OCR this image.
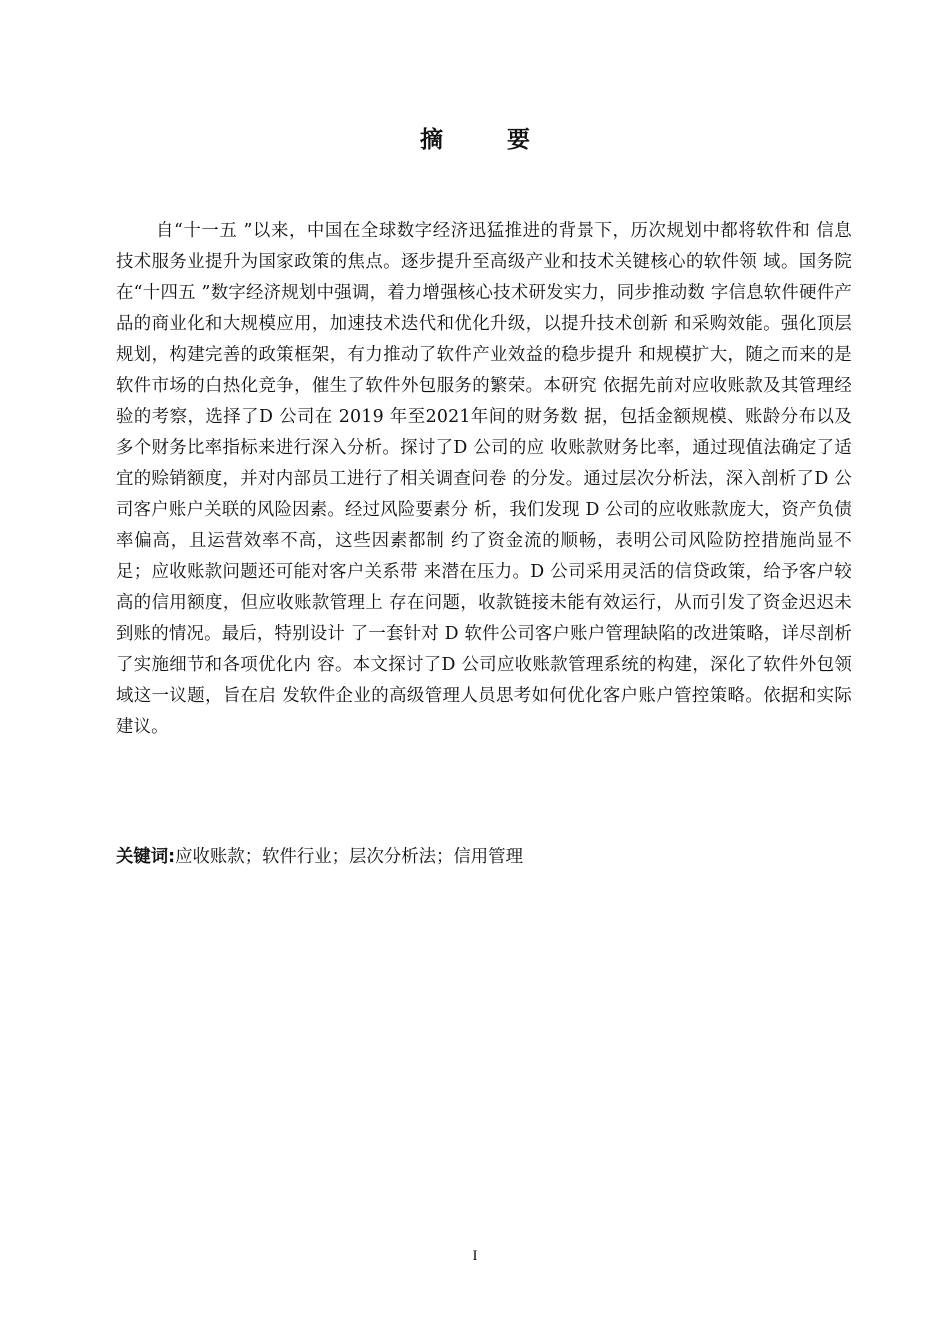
摘 要

自“十一五 ”以来，中国在全球数字经济迅猛推进的背景下，历次规划中都将软件和 信息技术服务业提升为国家政策的焦点。逐步提升至高级产业和技术关键核心的软件领 域。国务院在“十四五 ”数字经济规划中强调，着力增强核心技术研发实力，同步推动数 字信息软件硬件产品的商业化和大规模应用，加速技术迭代和优化升级，以提升技术创新 和采购效能。强化顶层规划，构建完善的政策框架，有力推动了软件产业效益的稳步提升 和规模扩大，随之而来的是软件市场的白热化竞争，催生了软件外包服务的繁荣。本研究 依据先前对应收账款及其管理经验的考察，选择了D 公司在 2019 年至2021年间的财务数 据，包括金额规模、账龄分布以及多个财务比率指标来进行深入分析。探讨了D 公司的应 收账款财务比率，通过现值法确定了适宜的赊销额度，并对内部员工进行了相关调查问卷 的分发。通过层次分析法，深入剖析了D 公司客户账户关联的风险因素。经过风险要素分 析，我们发现 D 公司的应收账款庞大，资产负债率偏高，且运营效率不高，这些因素都制 约了资金流的顺畅，表明公司风险防控措施尚显不足；应收账款问题还可能对客户关系带 来潜在压力。D 公司采用灵活的信贷政策，给予客户较高的信用额度，但应收账款管理上 存在问题，收款链接未能有效运行，从而引发了资金迟迟未到账的情况。最后，特别设计 了一套针对 D 软件公司客户账户管理缺陷的改进策略，详尽剖析了实施细节和各项优化内 容。本文探讨了D 公司应收账款管理系统的构建，深化了软件外包领域这一议题，旨在启 发软件企业的高级管理人员思考如何优化客户账户管控策略。依据和实际建议。

关键词:应收账款；软件行业；层次分析法；信用管理
I
